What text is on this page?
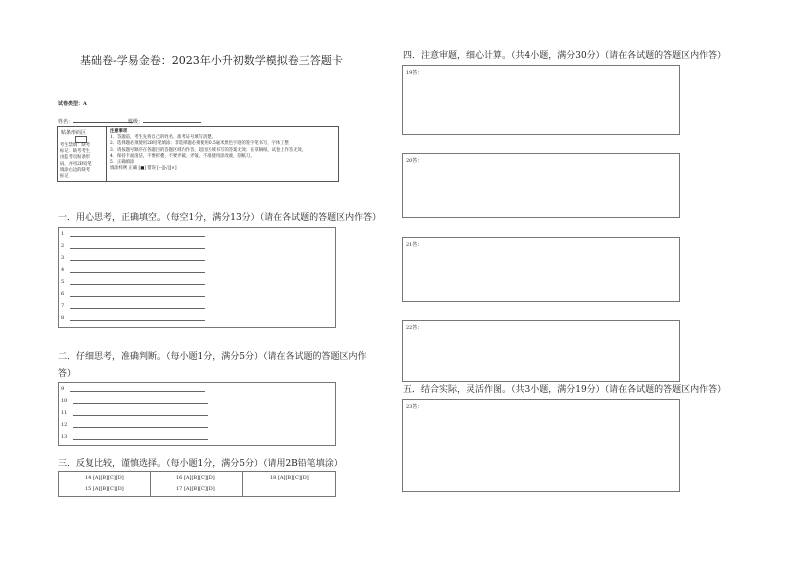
基础卷-学易金卷：2023年小升初数学模拟卷三答题卡
试卷类型：A
姓名：	班级：
贴条形码区
考生禁填：缺考
标记：缺考考生
由监考员贴条形
码，并用2B铅笔
填涂右边的缺考
标记
注意事项
1．答题前，考生先将自己的姓名、准考证号填写清楚。
2．选择题必须使用2B铅笔填涂；非选择题必须使用0.5毫米黑色字迹的签字笔书写，字体工整
3．请按题号顺序在各题目的答题区域内作答，超出区域书写的答案无效；在草稿纸、试卷上作答无效。
4．保持卡面清洁，不要折叠、不要弄破、弄皱，不准使用涂改液、刮纸刀。
5．正确填涂
填涂样例 正确 [■] 错误 [--][√][×]
一．用心思考，正确填空。（每空1分，满分13分）（请在各试题的答题区内作答）
1
2
3
4
5
6
7
8
二．仔细思考，准确判断。（每小题1分，满分5分）（请在各试题的答题区内作
答）
9
10
11
12
13
三．反复比较，谨慎选择。（每小题1分，满分5分）（请用2B铅笔填涂）
14 [A][B][C][D]
15 [A][B][C][D]
16 [A][B][C][D]
17 [A][B][C][D]
18 [A][B][C][D]
四．注意审题，细心计算。（共4小题，满分30分）（请在各试题的答题区内作答）
19答：
20答：
21答：
22答：
五．结合实际，灵活作图。（共3小题，满分19分）（请在各试题的答题区内作答）
23答：
